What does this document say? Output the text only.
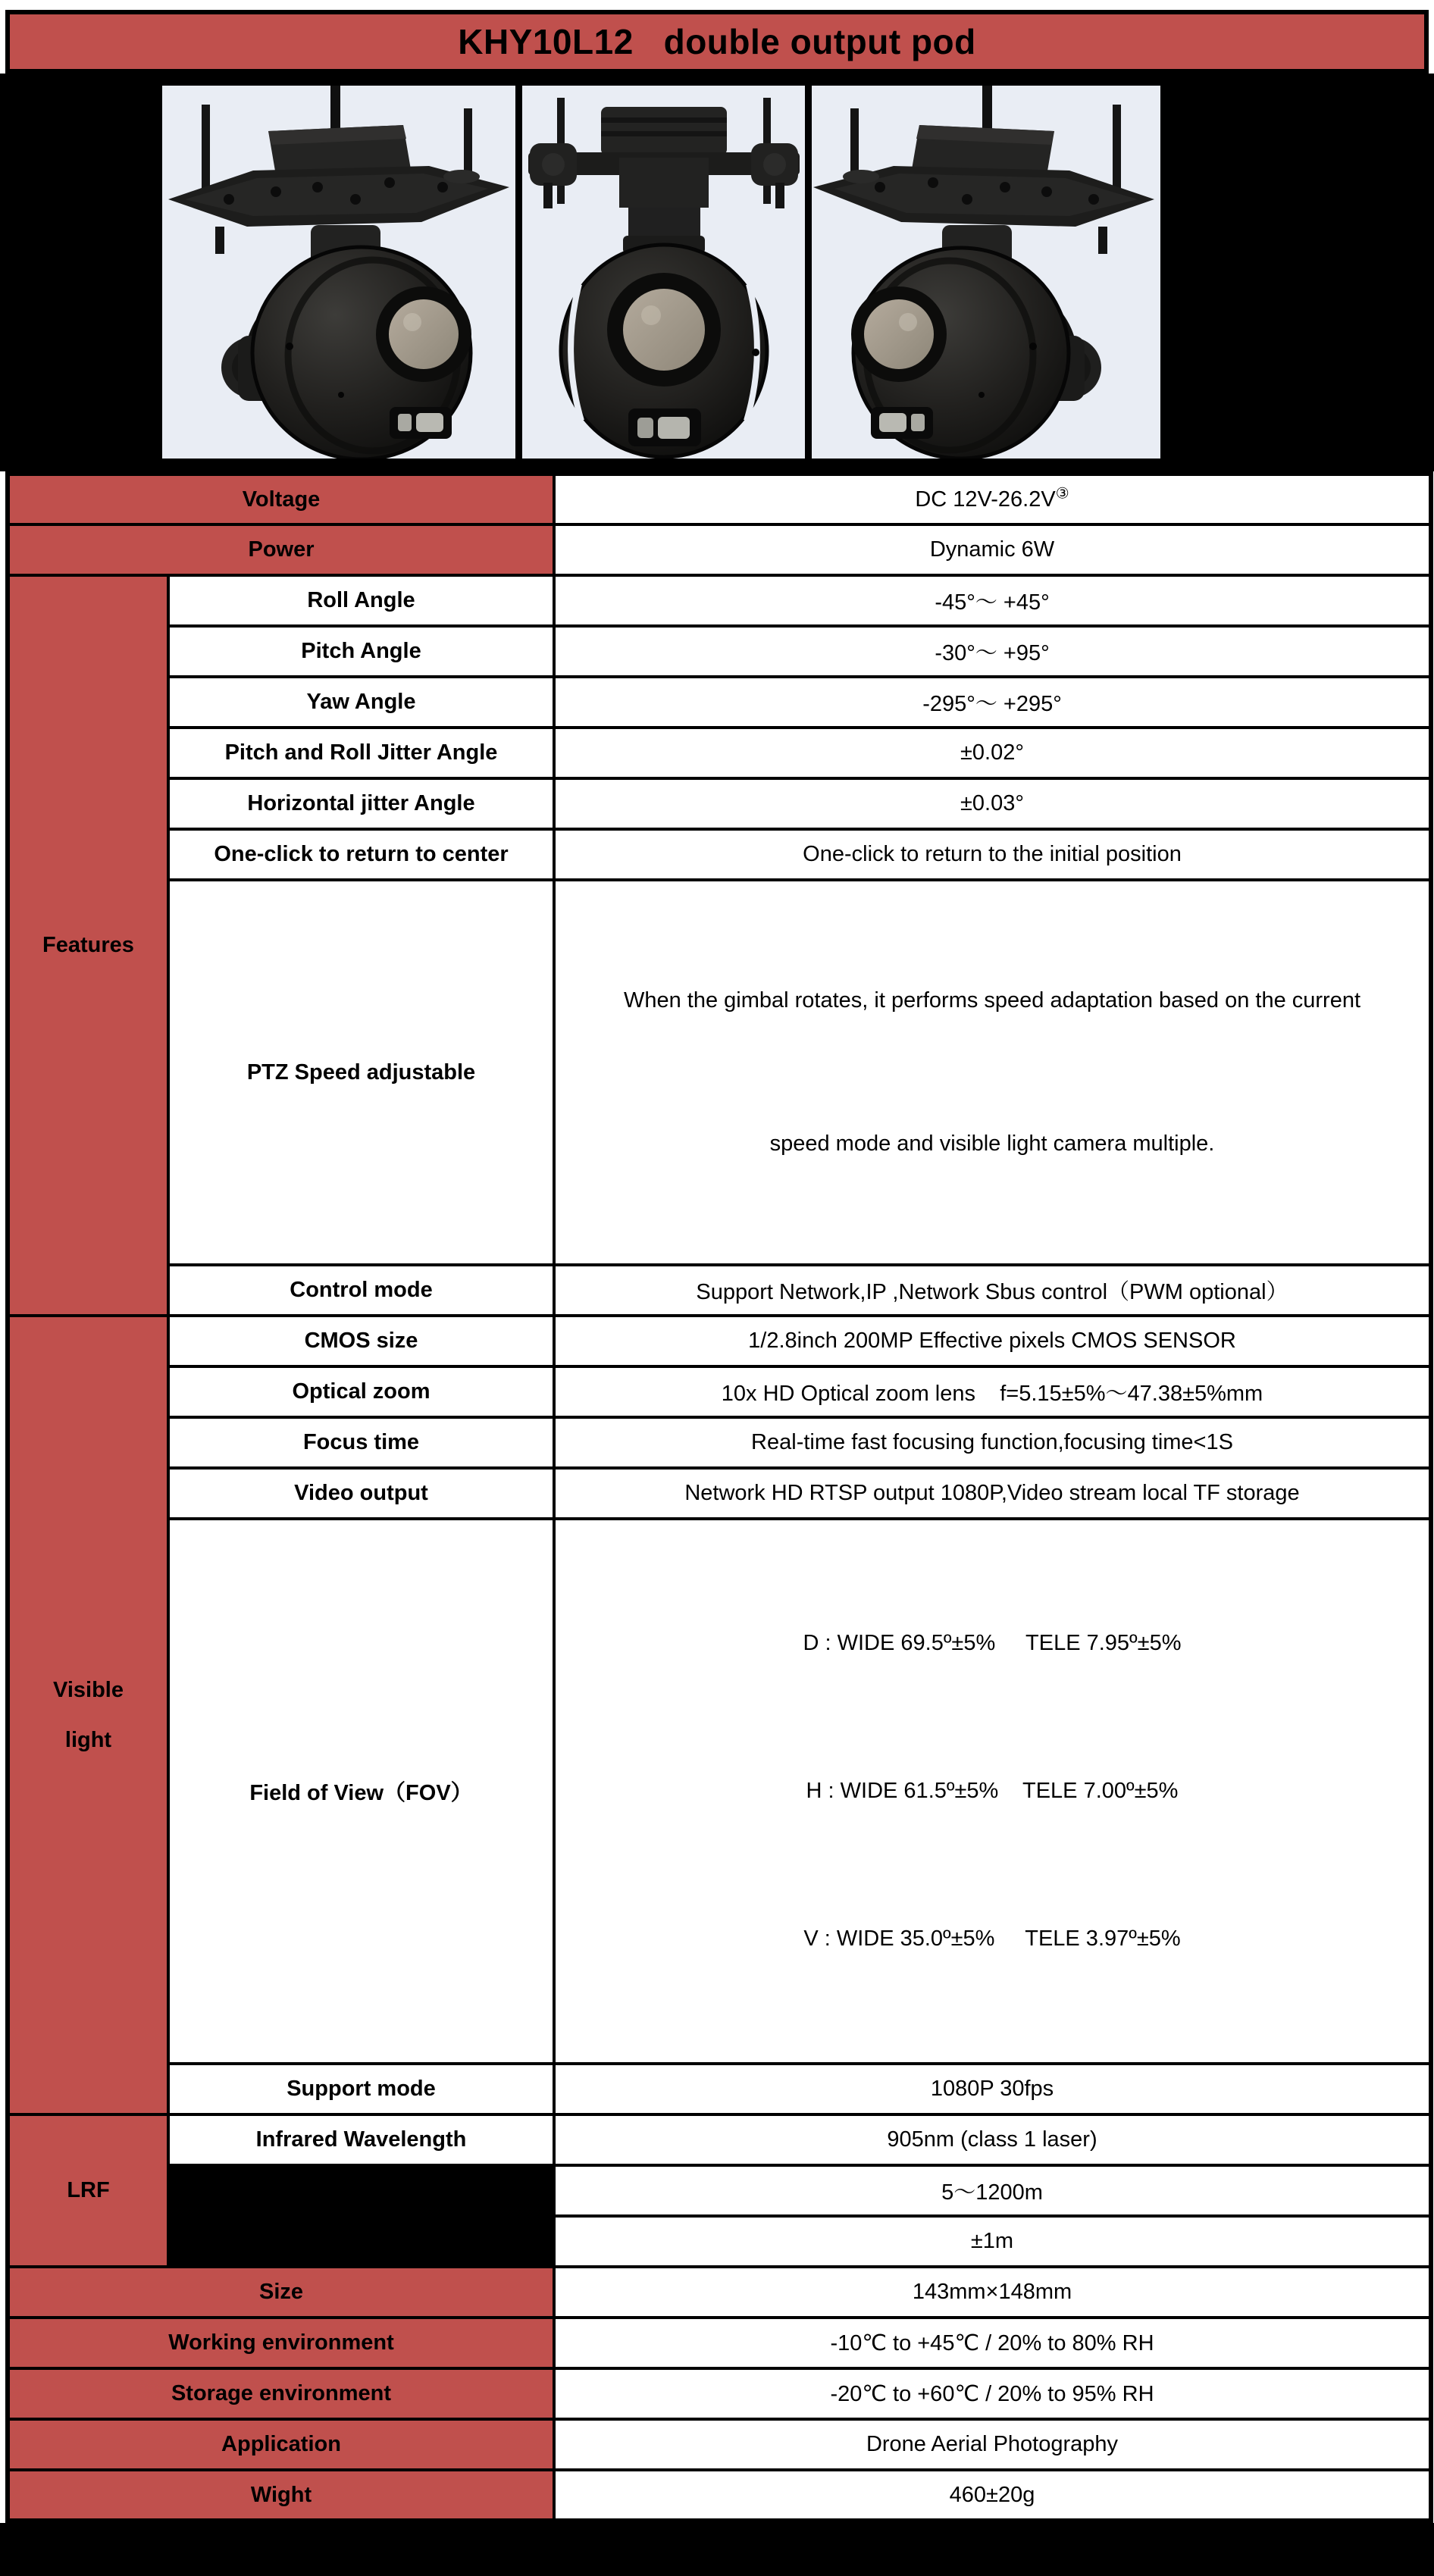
KHY10L12   double output pod
Voltage		DC 12V-26.2V③
Power		Dynamic 6W
Features	Roll Angle	-45°～ +45°
	Pitch Angle	-30°～ +95°
	Yaw Angle	-295°～ +295°
	Pitch and Roll Jitter Angle	±0.02°
	Horizontal jitter Angle	±0.03°
	One-click to return to center	One-click to return to the initial position
	PTZ Speed adjustable	When the gimbal rotates, it performs speed adaptation based on the current

speed mode and visible light camera multiple.

	Control mode	Support Network,IP ,Network Sbus control（PWM optional）

Visible
light	CMOS size	1/2.8inch 200MP Effective pixels CMOS SENSOR
	Optical zoom	10x HD Optical zoom lens    f=5.15±5%～47.38±5%mm
	Focus time	Real-time fast focusing function,focusing time<1S
	Video output	Network HD RTSP output 1080P,Video stream local TF storage
	Field of View（FOV）	D : WIDE 69.5º±5%     TELE 7.95º±5%

H : WIDE 61.5º±5%    TELE 7.00º±5%

V : WIDE 35.0º±5%     TELE 3.97º±5%

	Support mode	1080P 30fps
LRF	Infrared Wavelength	905nm (class 1 laser)
		5～1200m
		±1m
Size		143mm×148mm
Working environment		-10℃ to +45℃ / 20% to 80% RH
Storage environment		-20℃ to +60℃ / 20% to 95% RH
Application		Drone Aerial Photography
Wight		460±20g
